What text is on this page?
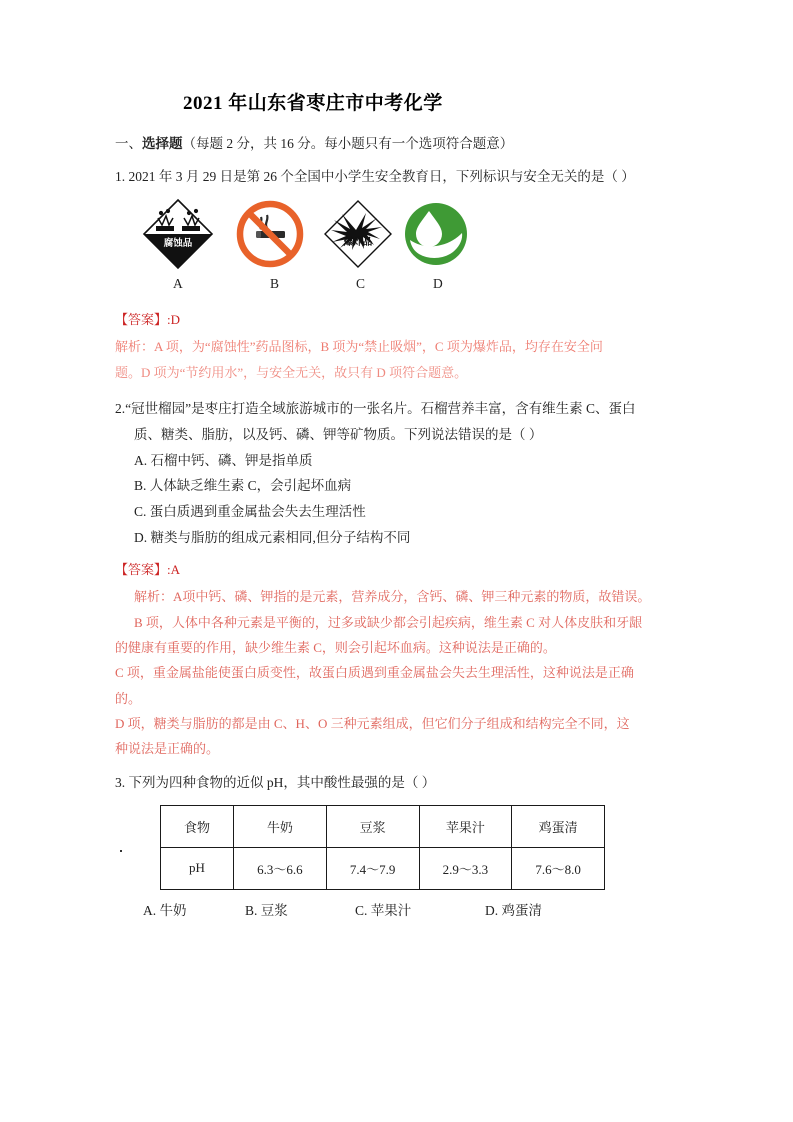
2021 年山东省枣庄市中考化学
一、选择题（每题 2 分，共 16 分。每小题只有一个选项符合题意）
1. 2021 年 3 月 29 日是第 26 个全国中小学生安全教育日，下列标识与安全无关的是（ ）
腐蚀品	爆炸品
A	B	C	D
【答案】:D
解析：A 项，为“腐蚀性”药品图标，B 项为“禁止吸烟”，C 项为爆炸品，均存在安全问
题。D 项为“节约用水”，与安全无关，故只有 D 项符合题意。
2.“冠世榴园”是枣庄打造全域旅游城市的一张名片。石榴营养丰富，含有维生素 C、蛋白
质、糖类、脂肪，以及钙、磷、钾等矿物质。下列说法错误的是（ ）
A. 石榴中钙、磷、钾是指单质
B. 人体缺乏维生素 C，会引起坏血病
C. 蛋白质遇到重金属盐会失去生理活性
D. 糖类与脂肪的组成元素相同,但分子结构不同
【答案】:A
解析：A项中钙、磷、钾指的是元素，营养成分，含钙、磷、钾三种元素的物质，故错误。
B 项，人体中各种元素是平衡的，过多或缺少都会引起疾病，维生素 C 对人体皮肤和牙龈
的健康有重要的作用，缺少维生素 C，则会引起坏血病。这种说法是正确的。
C 项，重金属盐能使蛋白质变性，故蛋白质遇到重金属盐会失去生理活性，这种说法是正确
的。
D 项，糖类与脂肪的都是由 C、H、O 三种元素组成，但它们分子组成和结构完全不同，这
种说法是正确的。
3. 下列为四种食物的近似 pH，其中酸性最强的是（ ）
食物	牛奶	豆浆	苹果汁	鸡蛋清
pH	6.3～6.6	7.4～7.9	2.9～3.3	7.6～8.0
A. 牛奶	B. 豆浆	C. 苹果汁	D. 鸡蛋清
